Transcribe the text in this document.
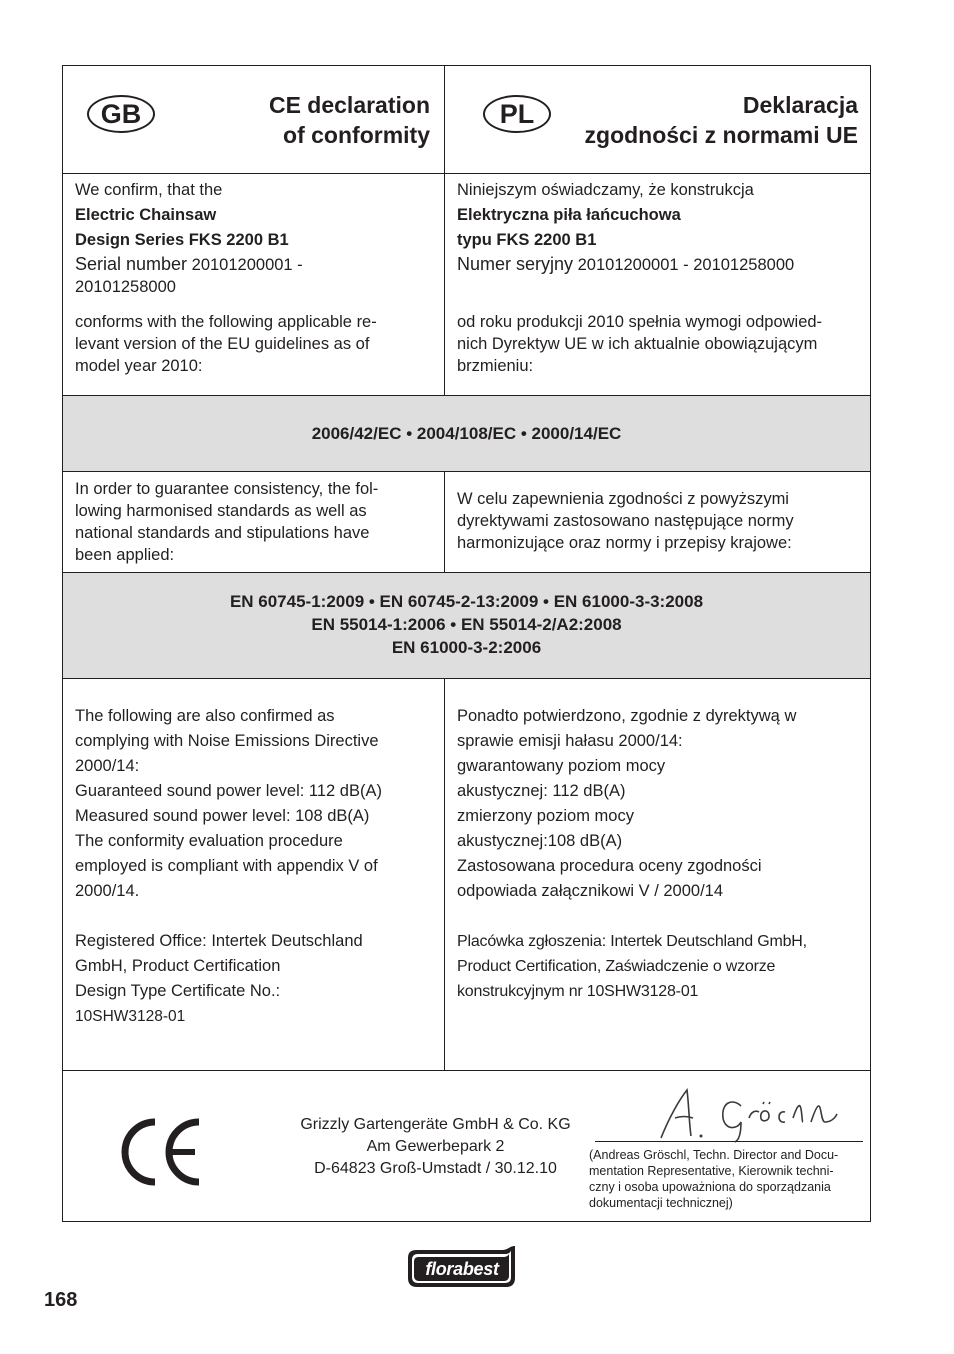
GB	CE declaration
of conformity
PL	Deklaracja
zgodności z normami UE
We confirm, that the
Electric Chainsaw
Design Series FKS 2200 B1
Serial number 20101200001 -
20101258000
conforms with the following applicable re-
levant version of the EU guidelines as of
model year 2010:
Niniejszym oświadczamy, że konstrukcja
Elektryczna piła łańcuchowa
typu FKS 2200 B1
Numer seryjny 20101200001 - 20101258000
od roku produkcji 2010 spełnia wymogi odpowied-
nich Dyrektyw UE w ich aktualnie obowiązującym
brzmieniu:
2006/42/EC • 2004/108/EC • 2000/14/EC
In order to guarantee consistency, the fol-
lowing harmonised standards as well as
national standards and stipulations have
been applied:
W celu zapewnienia zgodności z powyższymi
dyrektywami zastosowano następujące normy
harmonizujące oraz normy i przepisy krajowe:
EN 60745-1:2009 • EN 60745-2-13:2009 • EN 61000-3-3:2008
EN 55014-1:2006 • EN 55014-2/A2:2008
EN 61000-3-2:2006
The following are also confirmed as
complying with Noise Emissions Directive
2000/14:
Guaranteed sound power level: 112 dB(A)
Measured sound power level: 108 dB(A)
The conformity evaluation procedure
employed is compliant with appendix V of
2000/14.
Registered Office: Intertek Deutschland
GmbH, Product Certification
Design Type Certificate No.:
10SHW3128-01
Ponadto potwierdzono, zgodnie z dyrektywą w
sprawie emisji hałasu 2000/14:
gwarantowany poziom mocy
akustycznej: 112 dB(A)
zmierzony poziom mocy
akustycznej:108 dB(A)
Zastosowana procedura oceny zgodności
odpowiada załącznikowi V / 2000/14
Placówka zgłoszenia: Intertek Deutschland GmbH,
Product Certification, Zaświadczenie o wzorze
konstrukcyjnym nr 10SHW3128-01
Grizzly Gartengeräte GmbH & Co. KG
Am Gewerbepark 2
D-64823 Groß-Umstadt / 30.12.10
(Andreas Gröschl, Techn. Director and Docu-
mentation Representative, Kierownik techni-
czny i osoba upoważniona do sporządzania
dokumentacji technicznej)
florabest
168
